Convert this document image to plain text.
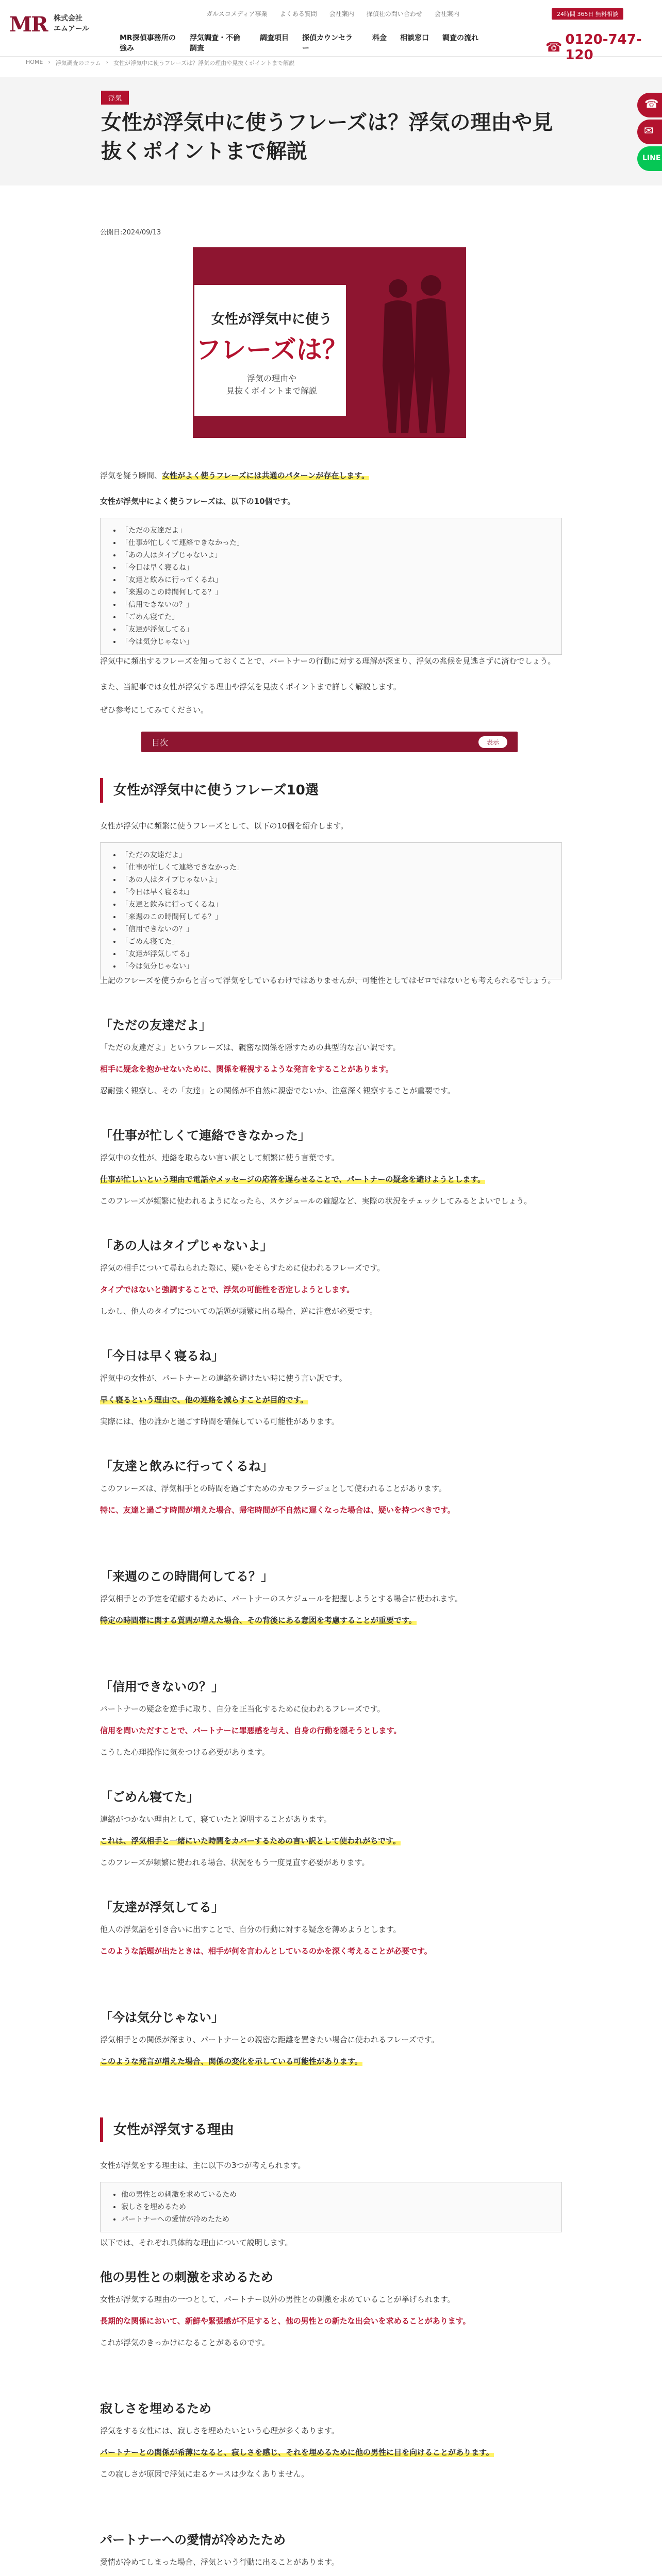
MR 株式会社
エムアール
ガルスコメディア事業 よくある質問 会社案内 探偵社の問い合わせ 会社案内
MR探偵事務所の強み
浮気調査・不倫調査
調査項目 探偵カウンセラー
料金 相談窓口 調査の流れ
24時間 365日 無料相談
☎ 0120-747-120
HOME › 浮気調査のコラム › 女性が浮気中に使うフレーズは？浮気の理由や見抜くポイントまで解説
浮気
女性が浮気中に使うフレーズは？浮気の理由や見抜くポイントまで解説
☎
✉
LINE
公開日:2024/09/13
女性が浮気中に使う
フレーズは？
浮気の理由や
見抜くポイントまで解説

浮気を疑う瞬間、女性がよく使うフレーズには共通のパターンが存在します。

女性が浮気中によく使うフレーズは、以下の10個です。

• 「ただの友達だよ」
• 「仕事が忙しくて連絡できなかった」
• 「あの人はタイプじゃないよ」
• 「今日は早く寝るね」
• 「友達と飲みに行ってくるね」
• 「来週のこの時間何してる？」
• 「信用できないの？」
• 「ごめん寝てた」
• 「友達が浮気してる」
• 「今は気分じゃない」

浮気中に頻出するフレーズを知っておくことで、パートナーの行動に対する理解が深まり、浮気の兆候を見逃さずに済むでしょう。

また、当記事では女性が浮気する理由や浮気を見抜くポイントまで詳しく解説します。

ぜひ参考にしてみてください。

目次	表示
女性が浮気中に使うフレーズ10選

女性が浮気中に頻繁に使うフレーズとして、以下の10個を紹介します。

• 「ただの友達だよ」
• 「仕事が忙しくて連絡できなかった」
• 「あの人はタイプじゃないよ」
• 「今日は早く寝るね」
• 「友達と飲みに行ってくるね」
• 「来週のこの時間何してる？」
• 「信用できないの？」
• 「ごめん寝てた」
• 「友達が浮気してる」
• 「今は気分じゃない」

上記のフレーズを使うからと言って浮気をしているわけではありませんが、可能性としてはゼロではないとも考えられるでしょう。

「ただの友達だよ」

「ただの友達だよ」というフレーズは、親密な関係を隠すための典型的な言い訳です。

相手に疑念を抱かせないために、関係を軽視するような発言をすることがあります。

忍耐強く観察し、その「友達」との関係が不自然に親密でないか、注意深く観察することが重要です。

「仕事が忙しくて連絡できなかった」

浮気中の女性が、連絡を取らない言い訳として頻繁に使う言葉です。

仕事が忙しいという理由で電話やメッセージの応答を遅らせることで、パートナーの疑念を避けようとします。

このフレーズが頻繁に使われるようになったら、スケジュールの確認など、実際の状況をチェックしてみるとよいでしょう。

「あの人はタイプじゃないよ」

浮気の相手について尋ねられた際に、疑いをそらすために使われるフレーズです。

タイプではないと強調することで、浮気の可能性を否定しようとします。

しかし、他人のタイプについての話題が頻繁に出る場合、逆に注意が必要です。

「今日は早く寝るね」

浮気中の女性が、パートナーとの連絡を避けたい時に使う言い訳です。

早く寝るという理由で、他の連絡を減らすことが目的です。

実際には、他の誰かと過ごす時間を確保している可能性があります。

「友達と飲みに行ってくるね」

このフレーズは、浮気相手との時間を過ごすためのカモフラージュとして使われることがあります。

特に、友達と過ごす時間が増えた場合、帰宅時間が不自然に遅くなった場合は、疑いを持つべきです。

「来週のこの時間何してる？」

浮気相手との予定を確認するために、パートナーのスケジュールを把握しようとする場合に使われます。

特定の時間帯に関する質問が増えた場合、その背後にある意図を考慮することが重要です。

「信用できないの？」

パートナーの疑念を逆手に取り、自分を正当化するために使われるフレーズです。

信用を問いただすことで、パートナーに罪悪感を与え、自身の行動を隠そうとします。

こうした心理操作に気をつける必要があります。

「ごめん寝てた」

連絡がつかない理由として、寝ていたと説明することがあります。

これは、浮気相手と一緒にいた時間をカバーするための言い訳として使われがちです。

このフレーズが頻繁に使われる場合、状況をもう一度見直す必要があります。

「友達が浮気してる」

他人の浮気話を引き合いに出すことで、自分の行動に対する疑念を薄めようとします。

このような話題が出たときは、相手が何を言わんとしているのかを深く考えることが必要です。

「今は気分じゃない」

浮気相手との関係が深まり、パートナーとの親密な距離を置きたい場合に使われるフレーズです。

このような発言が増えた場合、関係の変化を示している可能性があります。

女性が浮気する理由

女性が浮気をする理由は、主に以下の3つが考えられます。

• 他の男性との刺激を求めているため
• 寂しさを埋めるため
• パートナーへの愛情が冷めたため

以下では、それぞれ具体的な理由について説明します。

他の男性との刺激を求めるため

女性が浮気する理由の一つとして、パートナー以外の男性との刺激を求めていることが挙げられます。

長期的な関係において、新鮮や緊張感が不足すると、他の男性との新たな出会いを求めることがあります。

これが浮気のきっかけになることがあるのです。

寂しさを埋めるため

浮気をする女性には、寂しさを埋めたいという心理が多くあります。

パートナーとの関係が希薄になると、寂しさを感じ、それを埋めるために他の男性に目を向けることがあります。

この寂しさが原因で浮気に走るケースは少なくありません。

パートナーへの愛情が冷めたため

愛情が冷めてしまった場合、浮気という行動に出ることがあります。
